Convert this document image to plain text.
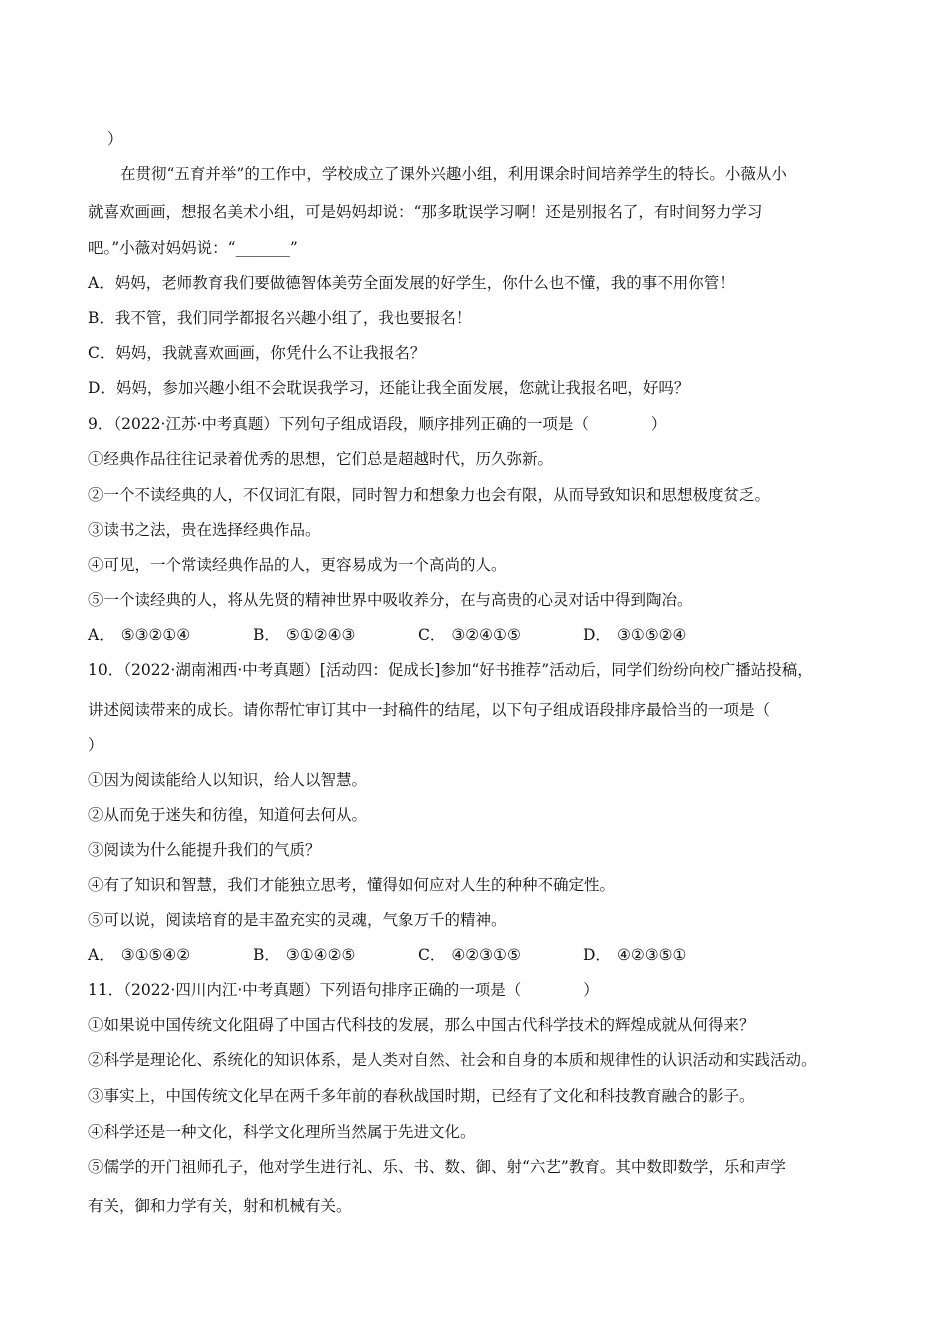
）
在贯彻“五育并举”的工作中，学校成立了课外兴趣小组，利用课余时间培养学生的特长。小薇从小
就喜欢画画，想报名美术小组，可是妈妈却说：“那多耽误学习啊！还是别报名了，有时间努力学习
吧。”小薇对妈妈说：“_______”
A．妈妈，老师教育我们要做德智体美劳全面发展的好学生，你什么也不懂，我的事不用你管！
B．我不管，我们同学都报名兴趣小组了，我也要报名！
C．妈妈，我就喜欢画画，你凭什么不让我报名？
D．妈妈，参加兴趣小组不会耽误我学习，还能让我全面发展，您就让我报名吧，好吗？
9．（2022·江苏·中考真题）下列句子组成语段，顺序排列正确的一项是（　　　　）
①经典作品往往记录着优秀的思想，它们总是超越时代，历久弥新。
②一个不读经典的人，不仅词汇有限，同时智力和想象力也会有限，从而导致知识和思想极度贫乏。
③读书之法，贵在选择经典作品。
④可见，一个常读经典作品的人，更容易成为一个高尚的人。
⑤一个读经典的人，将从先贤的精神世界中吸收养分，在与高贵的心灵对话中得到陶冶。
A． ⑤③②①④	B． ⑤①②④③	C． ③②④①⑤	D． ③①⑤②④
10．（2022·湖南湘西·中考真题）[活动四：促成长]参加“好书推荐”活动后，同学们纷纷向校广播站投稿，
讲述阅读带来的成长。请你帮忙审订其中一封稿件的结尾，以下句子组成语段排序最恰当的一项是（
）
①因为阅读能给人以知识，给人以智慧。
②从而免于迷失和彷徨，知道何去何从。
③阅读为什么能提升我们的气质？
④有了知识和智慧，我们才能独立思考，懂得如何应对人生的种种不确定性。
⑤可以说，阅读培育的是丰盈充实的灵魂，气象万千的精神。
A． ③①⑤④②	B． ③①④②⑤	C． ④②③①⑤	D． ④②③⑤①
11．（2022·四川内江·中考真题）下列语句排序正确的一项是（　　　　）
①如果说中国传统文化阻碍了中国古代科技的发展，那么中国古代科学技术的辉煌成就从何得来？
②科学是理论化、系统化的知识体系，是人类对自然、社会和自身的本质和规律性的认识活动和实践活动。
③事实上，中国传统文化早在两千多年前的春秋战国时期，已经有了文化和科技教育融合的影子。
④科学还是一种文化，科学文化理所当然属于先进文化。
⑤儒学的开门祖师孔子，他对学生进行礼、乐、书、数、御、射“六艺”教育。其中数即数学，乐和声学
有关，御和力学有关，射和机械有关。
